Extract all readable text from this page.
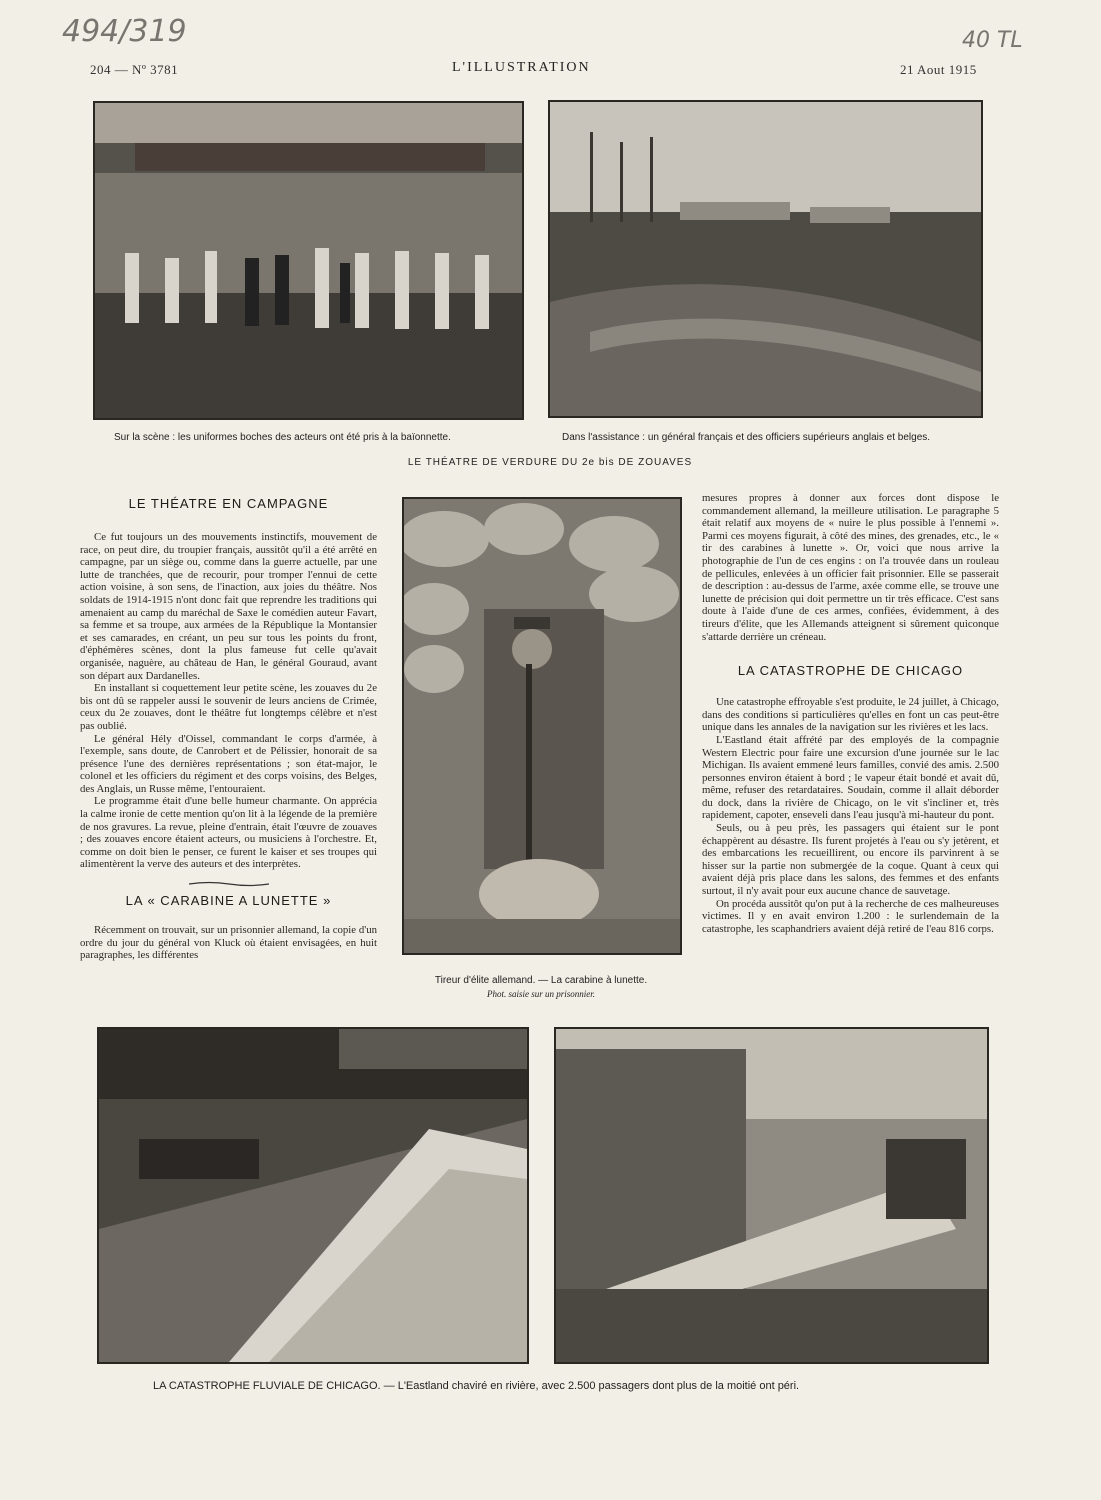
494/319	40 TL
204 — Nº 3781	L'ILLUSTRATION	21 Aout 1915
Sur la scène : les uniformes boches des acteurs ont été pris à la baïonnette.	Dans l'assistance : un général français et des officiers supérieurs anglais et belges.
LE THÉATRE DE VERDURE DU 2e bis DE ZOUAVES
LE THÉATRE EN CAMPAGNE

Ce fut toujours un des mouvements instinctifs, mouvement de race, on peut dire, du troupier français, aussitôt qu'il a été arrêté en campagne, par un siège ou, comme dans la guerre actuelle, par une lutte de tranchées, que de recourir, pour tromper l'ennui de cette action voisine, à son sens, de l'inaction, aux joies du théâtre. Nos soldats de 1914-1915 n'ont donc fait que reprendre les traditions qui amenaient au camp du maréchal de Saxe le comédien auteur Favart, sa femme et sa troupe, aux armées de la République la Montansier et ses camarades, en créant, un peu sur tous les points du front, d'éphémères scènes, dont la plus fameuse fut celle qu'avait organisée, naguère, au château de Han, le général Gouraud, avant son départ aux Dardanelles.

En installant si coquettement leur petite scène, les zouaves du 2e bis ont dû se rappeler aussi le souvenir de leurs anciens de Crimée, ceux du 2e zouaves, dont le théâtre fut longtemps célèbre et n'est pas oublié.

Le général Hély d'Oissel, commandant le corps d'armée, à l'exemple, sans doute, de Canrobert et de Pélissier, honorait de sa présence l'une des dernières représentations ; son état-major, le colonel et les officiers du régiment et des corps voisins, des Belges, des Anglais, un Russe même, l'entouraient.

Le programme était d'une belle humeur charmante. On apprécia la calme ironie de cette mention qu'on lit à la légende de la première de nos gravures. La revue, pleine d'entrain, était l'œuvre de zouaves ; des zouaves encore étaient acteurs, ou musiciens à l'orchestre. Et, comme on doit bien le penser, ce furent le kaiser et ses troupes qui alimentèrent la verve des auteurs et des interprètes.

LA « CARABINE A LUNETTE »

Récemment on trouvait, sur un prisonnier allemand, la copie d'un ordre du jour du général von Kluck où étaient envisagées, en huit paragraphes, les différentes

Tireur d'élite allemand. — La carabine à lunette.
Phot. saisie sur un prisonnier.

mesures propres à donner aux forces dont dispose le commandement allemand, la meilleure utilisation. Le paragraphe 5 était relatif aux moyens de « nuire le plus possible à l'ennemi ». Parmi ces moyens figurait, à côté des mines, des grenades, etc., le « tir des carabines à lunette ». Or, voici que nous arrive la photographie de l'un de ces engins : on l'a trouvée dans un rouleau de pellicules, enlevées à un officier fait prisonnier. Elle se passerait de description : au-dessus de l'arme, axée comme elle, se trouve une lunette de précision qui doit permettre un tir très efficace. C'est sans doute à l'aide d'une de ces armes, confiées, évidemment, à des tireurs d'élite, que les Allemands atteignent si sûrement quiconque s'attarde derrière un créneau.

LA CATASTROPHE DE CHICAGO

Une catastrophe effroyable s'est produite, le 24 juillet, à Chicago, dans des conditions si particulières qu'elles en font un cas peut-être unique dans les annales de la navigation sur les rivières et les lacs.

L'Eastland était affrété par des employés de la compagnie Western Electric pour faire une excursion d'une journée sur le lac Michigan. Ils avaient emmené leurs familles, convié des amis. 2.500 personnes environ étaient à bord ; le vapeur était bondé et avait dû, même, refuser des retardataires. Soudain, comme il allait déborder du dock, dans la rivière de Chicago, on le vit s'incliner et, très rapidement, capoter, enseveli dans l'eau jusqu'à mi-hauteur du pont.

Seuls, ou à peu près, les passagers qui étaient sur le pont échappèrent au désastre. Ils furent projetés à l'eau ou s'y jetèrent, et des embarcations les recueillirent, ou encore ils parvinrent à se hisser sur la partie non submergée de la coque. Quant à ceux qui avaient déjà pris place dans les salons, des femmes et des enfants surtout, il n'y avait pour eux aucune chance de sauvetage.

On procéda aussitôt qu'on put à la recherche de ces malheureuses victimes. Il y en avait environ 1.200 : le surlendemain de la catastrophe, les scaphandriers avaient déjà retiré de l'eau 816 corps.

LA CATASTROPHE FLUVIALE DE CHICAGO. — L'Eastland chaviré en rivière, avec 2.500 passagers dont plus de la moitié ont péri.
